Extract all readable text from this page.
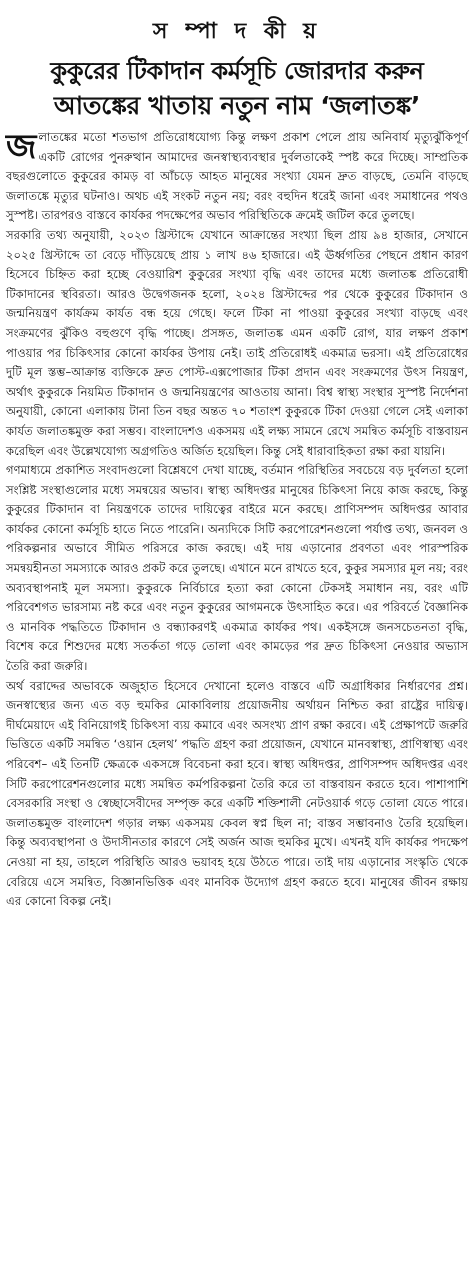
স ম্পা দ কী য়
কুকুরের টিকাদান কর্মসূচি জোরদার করুন
আতঙ্কের খাতায় নতুন নাম ‘জলাতঙ্ক’

জলাতঙ্কের মতো শতভাগ প্রতিরোধযোগ্য কিন্তু লক্ষণ প্রকাশ পেলে প্রায় অনিবার্য মৃত্যুঝুঁকিপূর্ণ একটি রোগের পুনরুত্থান আমাদের জনস্বাস্থ্যব্যবস্থার দুর্বলতাকেই স্পষ্ট করে দিচ্ছে। সাম্প্রতিক বছরগুলোতে কুকুরের কামড় বা আঁচড়ে আহত মানুষের সংখ্যা যেমন দ্রুত বাড়ছে, তেমনি বাড়ছে জলাতঙ্কে মৃত্যুর ঘটনাও। অথচ এই সংকট নতুন নয়; বরং বহুদিন ধরেই জানা এবং সমাধানের পথও সুস্পষ্ট। তারপরও বাস্তবে কার্যকর পদক্ষেপের অভাব পরিস্থিতিকে ক্রমেই জটিল করে তুলছে।

সরকারি তথ্য অনুযায়ী, ২০২৩ খ্রিস্টাব্দে যেখানে আক্রান্তের সংখ্যা ছিল প্রায় ৯৪ হাজার, সেখানে ২০২৫ খ্রিস্টাব্দে তা বেড়ে দাঁড়িয়েছে প্রায় ১ লাখ ৪৬ হাজারে। এই ঊর্ধ্বগতির পেছনে প্রধান কারণ হিসেবে চিহ্নিত করা হচ্ছে বেওয়ারিশ কুকুরের সংখ্যা বৃদ্ধি এবং তাদের মধ্যে জলাতঙ্ক প্রতিরোধী টিকাদানের স্থবিরতা। আরও উদ্বেগজনক হলো, ২০২৪ খ্রিস্টাব্দের পর থেকে কুকুরের টিকাদান ও জন্মনিয়ন্ত্রণ কার্যক্রম কার্যত বন্ধ হয়ে গেছে। ফলে টিকা না পাওয়া কুকুরের সংখ্যা বাড়ছে এবং সংক্রমণের ঝুঁকিও বহুগুণে বৃদ্ধি পাচ্ছে। প্রসঙ্গত, জলাতঙ্ক এমন একটি রোগ, যার লক্ষণ প্রকাশ পাওয়ার পর চিকিৎসার কোনো কার্যকর উপায় নেই। তাই প্রতিরোধই একমাত্র ভরসা। এই প্রতিরোধের দুটি মূল স্তম্ভ–আক্রান্ত ব্যক্তিকে দ্রুত পোস্ট-এক্সপোজার টিকা প্রদান এবং সংক্রমণের উৎস নিয়ন্ত্রণ, অর্থাৎ কুকুরকে নিয়মিত টিকাদান ও জন্মনিয়ন্ত্রণের আওতায় আনা। বিশ্ব স্বাস্থ্য সংস্থার সুস্পষ্ট নির্দেশনা অনুযায়ী, কোনো এলাকায় টানা তিন বছর অন্তত ৭০ শতাংশ কুকুরকে টিকা দেওয়া গেলে সেই এলাকা কার্যত জলাতঙ্কমুক্ত করা সম্ভব। বাংলাদেশও একসময় এই লক্ষ্য সামনে রেখে সমন্বিত কর্মসূচি বাস্তবায়ন করেছিল এবং উল্লেখযোগ্য অগ্রগতিও অর্জিত হয়েছিল। কিন্তু সেই ধারাবাহিকতা রক্ষা করা যায়নি।

গণমাধ্যমে প্রকাশিত সংবাদগুলো বিশ্লেষণে দেখা যাচ্ছে, বর্তমান পরিস্থিতির সবচেয়ে বড় দুর্বলতা হলো সংশ্লিষ্ট সংস্থাগুলোর মধ্যে সমন্বয়ের অভাব। স্বাস্থ্য অধিদপ্তর মানুষের চিকিৎসা নিয়ে কাজ করছে, কিন্তু কুকুরের টিকাদান বা নিয়ন্ত্রণকে তাদের দায়িত্বের বাইরে মনে করছে। প্রাণিসম্পদ অধিদপ্তর আবার কার্যকর কোনো কর্মসূচি হাতে নিতে পারেনি। অন্যদিকে সিটি করপোরেশনগুলো পর্যাপ্ত তথ্য, জনবল ও পরিকল্পনার অভাবে সীমিত পরিসরে কাজ করছে। এই দায় এড়ানোর প্রবণতা এবং পারস্পরিক সমন্বয়হীনতা সমস্যাকে আরও প্রকট করে তুলছে। এখানে মনে রাখতে হবে, কুকুর সমস্যার মূল নয়; বরং অব্যবস্থাপনাই মূল সমস্যা। কুকুরকে নির্বিচারে হত্যা করা কোনো টেকসই সমাধান নয়, বরং এটি পরিবেশগত ভারসাম্য নষ্ট করে এবং নতুন কুকুরের আগমনকে উৎসাহিত করে। এর পরিবর্তে বৈজ্ঞানিক ও মানবিক পদ্ধতিতে টিকাদান ও বন্ধ্যাকরণই একমাত্র কার্যকর পথ। একইসঙ্গে জনসচেতনতা বৃদ্ধি, বিশেষ করে শিশুদের মধ্যে সতর্কতা গড়ে তোলা এবং কামড়ের পর দ্রুত চিকিৎসা নেওয়ার অভ্যাস তৈরি করা জরুরি।

অর্থ বরাদ্দের অভাবকে অজুহাত হিসেবে দেখানো হলেও বাস্তবে এটি অগ্রাধিকার নির্ধারণের প্রশ্ন। জনস্বাস্থ্যের জন্য এত বড় হুমকির মোকাবিলায় প্রয়োজনীয় অর্থায়ন নিশ্চিত করা রাষ্ট্রের দায়িত্ব। দীর্ঘমেয়াদে এই বিনিয়োগই চিকিৎসা ব্যয় কমাবে এবং অসংখ্য প্রাণ রক্ষা করবে। এই প্রেক্ষাপটে জরুরি ভিত্তিতে একটি সমন্বিত ‘ওয়ান হেলথ’ পদ্ধতি গ্রহণ করা প্রয়োজন, যেখানে মানবস্বাস্থ্য, প্রাণিস্বাস্থ্য এবং পরিবেশ– এই তিনটি ক্ষেত্রকে একসঙ্গে বিবেচনা করা হবে। স্বাস্থ্য অধিদপ্তর, প্রাণিসম্পদ অধিদপ্তর এবং সিটি করপোরেশনগুলোর মধ্যে সমন্বিত কর্মপরিকল্পনা তৈরি করে তা বাস্তবায়ন করতে হবে। পাশাপাশি বেসরকারি সংস্থা ও স্বেচ্ছাসেবীদের সম্পৃক্ত করে একটি শক্তিশালী নেটওয়ার্ক গড়ে তোলা যেতে পারে। জলাতঙ্কমুক্ত বাংলাদেশ গড়ার লক্ষ্য একসময় কেবল স্বপ্ন ছিল না; বাস্তব সম্ভাবনাও তৈরি হয়েছিল। কিন্তু অব্যবস্থাপনা ও উদাসীনতার কারণে সেই অর্জন আজ হুমকির মুখে। এখনই যদি কার্যকর পদক্ষেপ নেওয়া না হয়, তাহলে পরিস্থিতি আরও ভয়াবহ হয়ে উঠতে পারে। তাই দায় এড়ানোর সংস্কৃতি থেকে বেরিয়ে এসে সমন্বিত, বিজ্ঞানভিত্তিক এবং মানবিক উদ্যোগ গ্রহণ করতে হবে। মানুষের জীবন রক্ষায় এর কোনো বিকল্প নেই।
